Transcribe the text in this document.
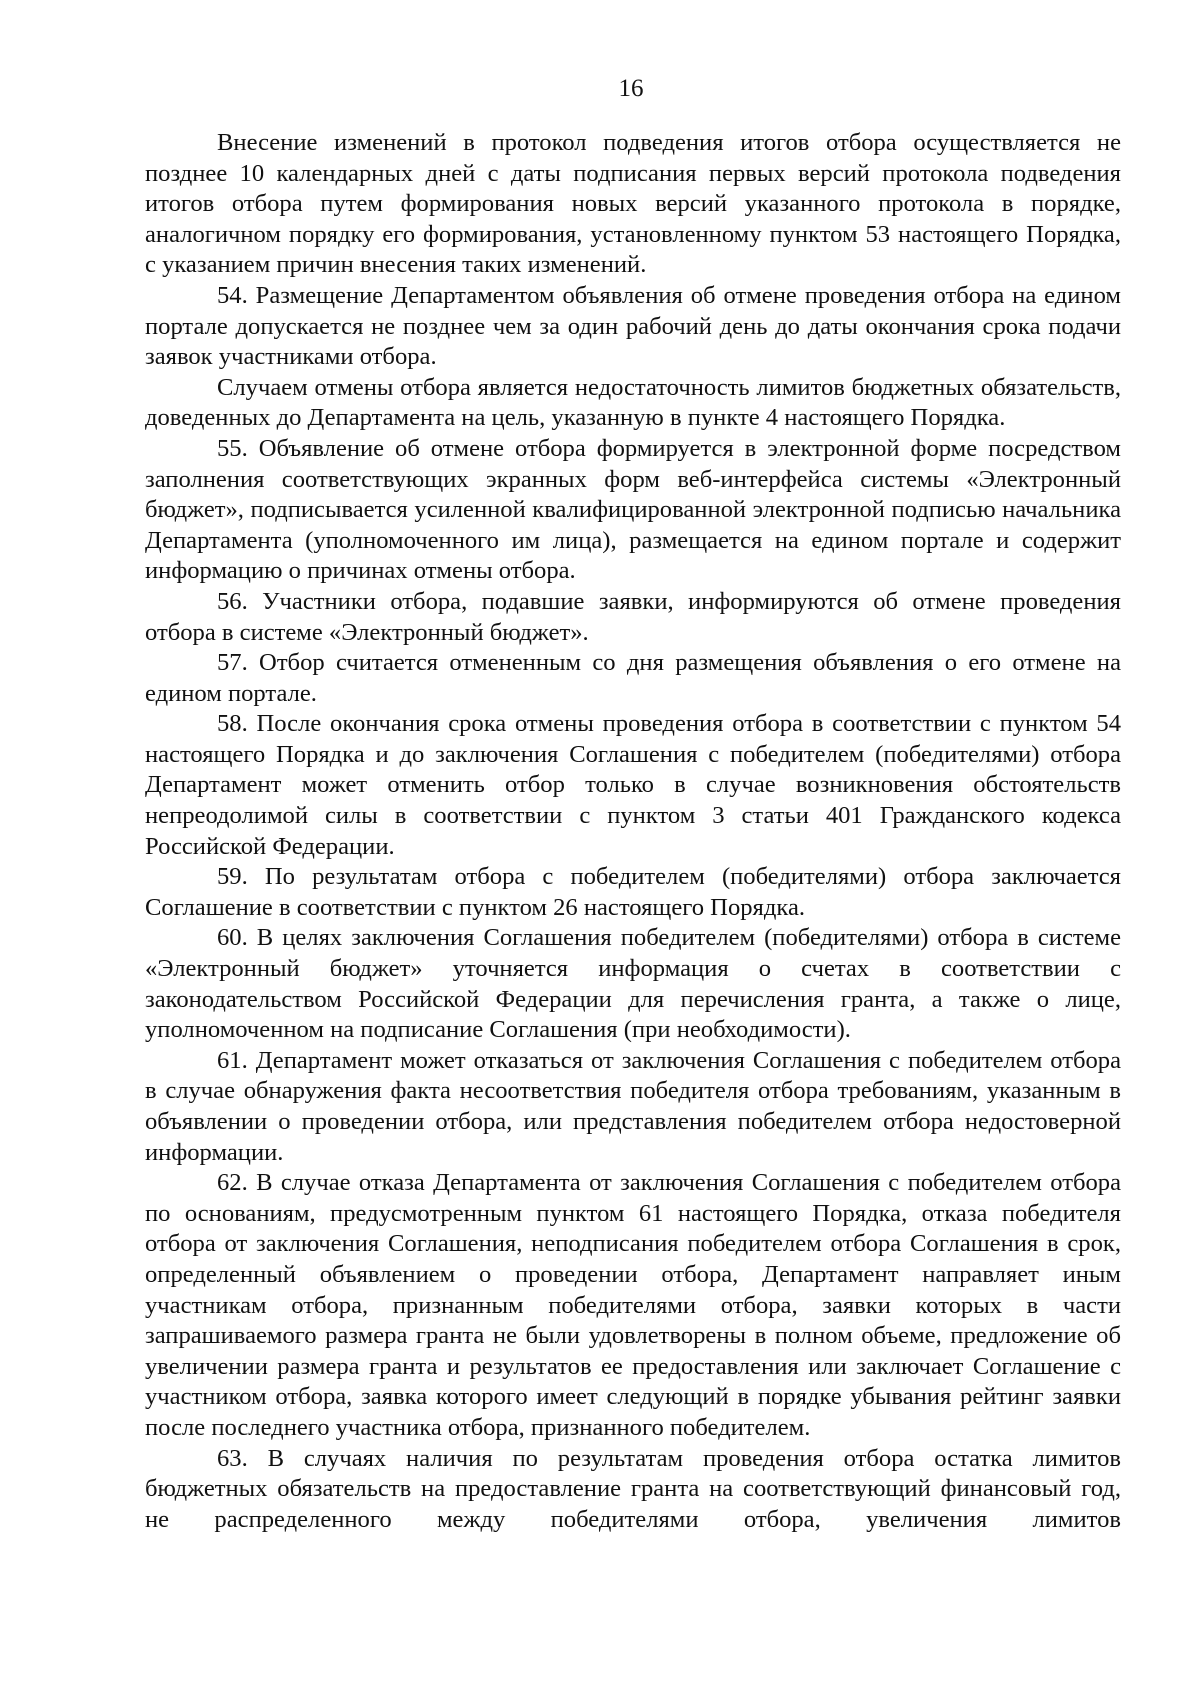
16

Внесение изменений в протокол подведения итогов отбора осуществляется не позднее 10 календарных дней с даты подписания первых версий протокола подведения итогов отбора путем формирования новых версий указанного протокола в порядке, аналогичном порядку его формирования, установленному пунктом 53 настоящего Порядка, с указанием причин внесения таких изменений.

54. Размещение Департаментом объявления об отмене проведения отбора на едином портале допускается не позднее чем за один рабочий день до даты окончания срока подачи заявок участниками отбора.

Случаем отмены отбора является недостаточность лимитов бюджетных обязательств, доведенных до Департамента на цель, указанную в пункте 4 настоящего Порядка.

55. Объявление об отмене отбора формируется в электронной форме посредством заполнения соответствующих экранных форм веб-интерфейса системы «Электронный бюджет», подписывается усиленной квалифицированной электронной подписью начальника Департамента (уполномоченного им лица), размещается на едином портале и содержит информацию о причинах отмены отбора.

56. Участники отбора, подавшие заявки, информируются об отмене проведения отбора в системе «Электронный бюджет».

57. Отбор считается отмененным со дня размещения объявления о его отмене на едином портале.

58. После окончания срока отмены проведения отбора в соответствии с пунктом 54 настоящего Порядка и до заключения Соглашения с победителем (победителями) отбора Департамент может отменить отбор только в случае возникновения обстоятельств непреодолимой силы в соответствии с пунктом 3 статьи 401 Гражданского кодекса Российской Федерации.

59. По результатам отбора с победителем (победителями) отбора заключается Соглашение в соответствии с пунктом 26 настоящего Порядка.

60. В целях заключения Соглашения победителем (победителями) отбора в системе «Электронный бюджет» уточняется информация о счетах в соответствии с законодательством Российской Федерации для перечисления гранта, а также о лице, уполномоченном на подписание Соглашения (при необходимости).

61. Департамент может отказаться от заключения Соглашения с победителем отбора в случае обнаружения факта несоответствия победителя отбора требованиям, указанным в объявлении о проведении отбора, или представления победителем отбора недостоверной информации.

62. В случае отказа Департамента от заключения Соглашения с победителем отбора по основаниям, предусмотренным пунктом 61 настоящего Порядка, отказа победителя отбора от заключения Соглашения, неподписания победителем отбора Соглашения в срок, определенный объявлением о проведении отбора, Департамент направляет иным участникам отбора, признанным победителями отбора, заявки которых в части запрашиваемого размера гранта не были удовлетворены в полном объеме, предложение об увеличении размера гранта и результатов ее предоставления или заключает Соглашение с участником отбора, заявка которого имеет следующий в порядке убывания рейтинг заявки после последнего участника отбора, признанного победителем.

63. В случаях наличия по результатам проведения отбора остатка лимитов бюджетных обязательств на предоставление гранта на соответствующий финансовый год, не распределенного между победителями отбора, увеличения лимитов
